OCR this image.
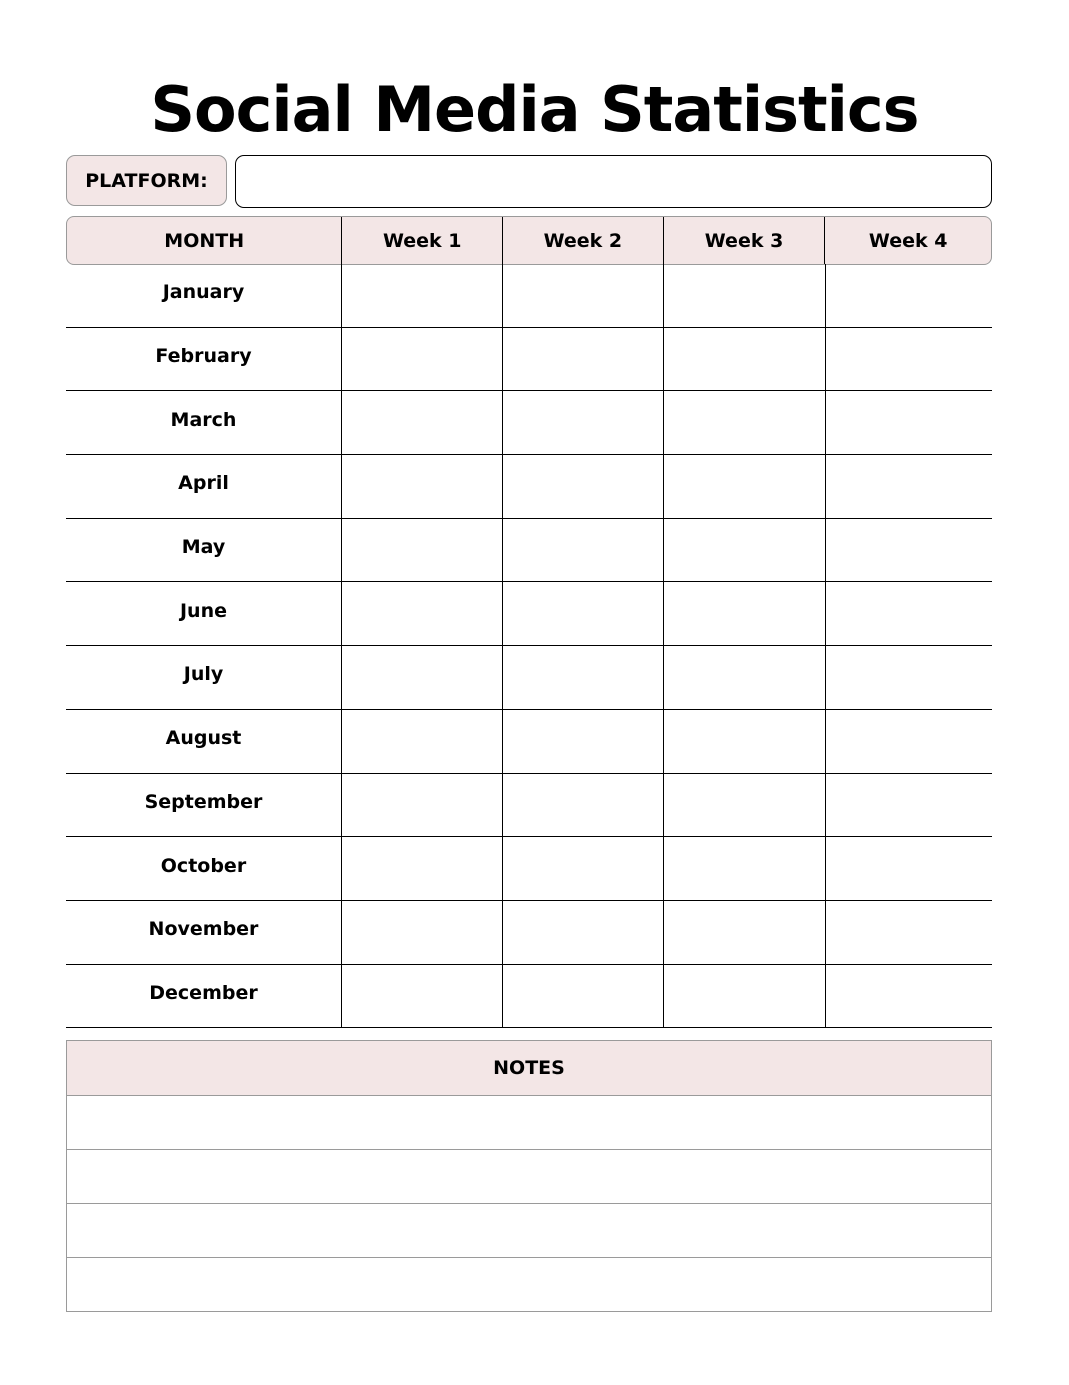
Social Media Statistics
PLATFORM:
MONTH	Week 1	Week 2	Week 3	Week 4
January
February
March
April
May
June
July
August
September
October
November
December
NOTES
